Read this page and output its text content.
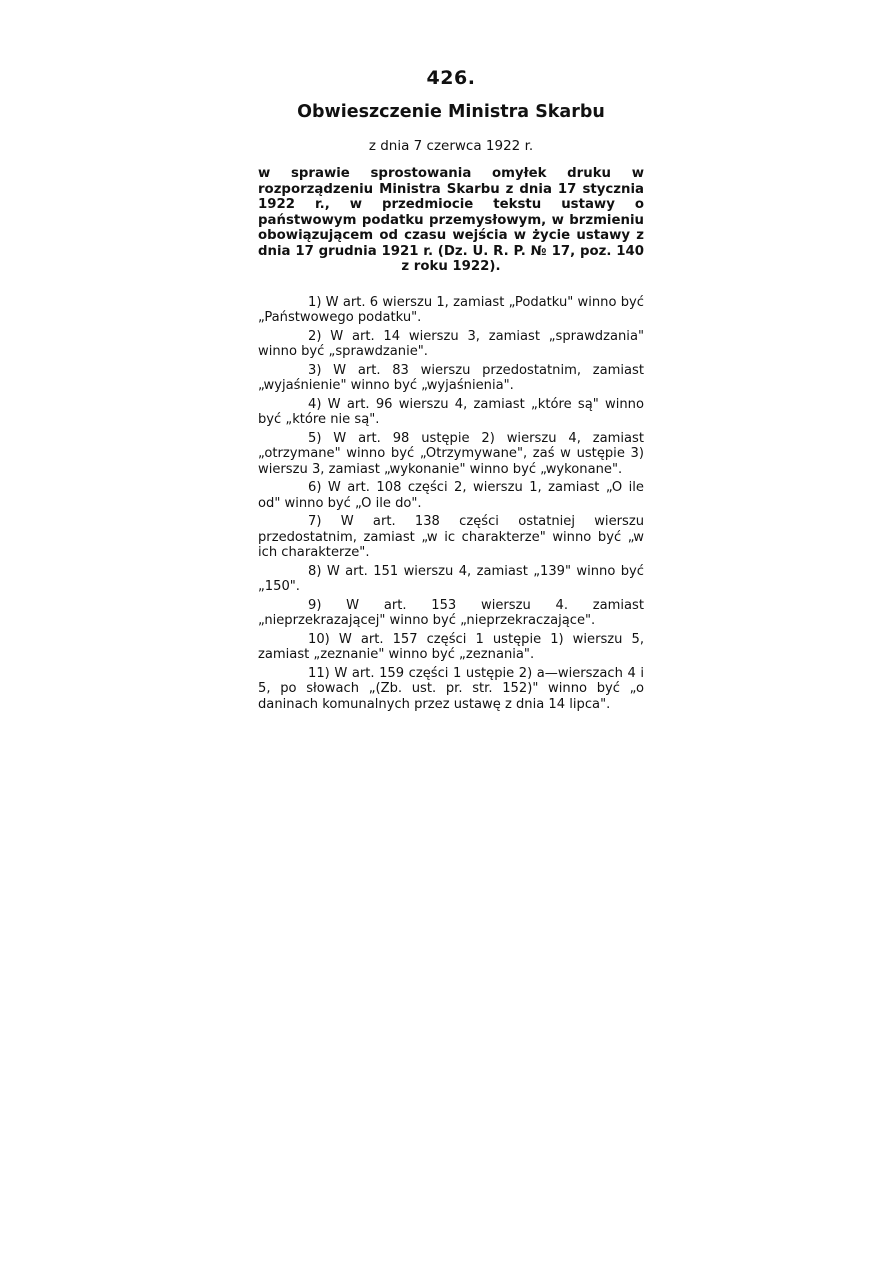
426.
Obwieszczenie Ministra Skarbu
z dnia 7 czerwca 1922 r.
w sprawie sprostowania omyłek druku w rozporządzeniu Ministra Skarbu z dnia 17 stycznia 1922 r., w przedmiocie tekstu ustawy o państwowym podatku przemysłowym, w brzmieniu obowiązującem od czasu wejścia w życie ustawy z dnia 17 grudnia 1921 r. (Dz. U. R. P. № 17, poz. 140 z roku 1922).
1) W art. 6 wierszu 1, zamiast „Podatku" winno być „Państwowego podatku".
2) W art. 14 wierszu 3, zamiast „sprawdzania" winno być „sprawdzanie".
3) W art. 83 wierszu przedostatnim, zamiast „wyjaśnienie" winno być „wyjaśnienia".
4) W art. 96 wierszu 4, zamiast „które są" winno być „które nie są".
5) W art. 98 ustępie 2) wierszu 4, zamiast „otrzymane" winno być „Otrzymywane", zaś w ustępie 3) wierszu 3, zamiast „wykonanie" winno być „wykonane".
6) W art. 108 części 2, wierszu 1, zamiast „O ile od" winno być „O ile do".
7) W art. 138 części ostatniej wierszu przedostatnim, zamiast „w ic charakterze" winno być „w ich charakterze".
8) W art. 151 wierszu 4, zamiast „139" winno być „150".
9) W art. 153 wierszu 4. zamiast „nieprzekrazającej" winno być „nieprzekraczające".
10) W art. 157 części 1 ustępie 1) wierszu 5, zamiast „zeznanie" winno być „zeznania".
11) W art. 159 części 1 ustępie 2) a—wierszach 4 i 5, po słowach „(Zb. ust. pr. str. 152)" winno być „o daninach komunalnych przez ustawę z dnia 14 lipca".
